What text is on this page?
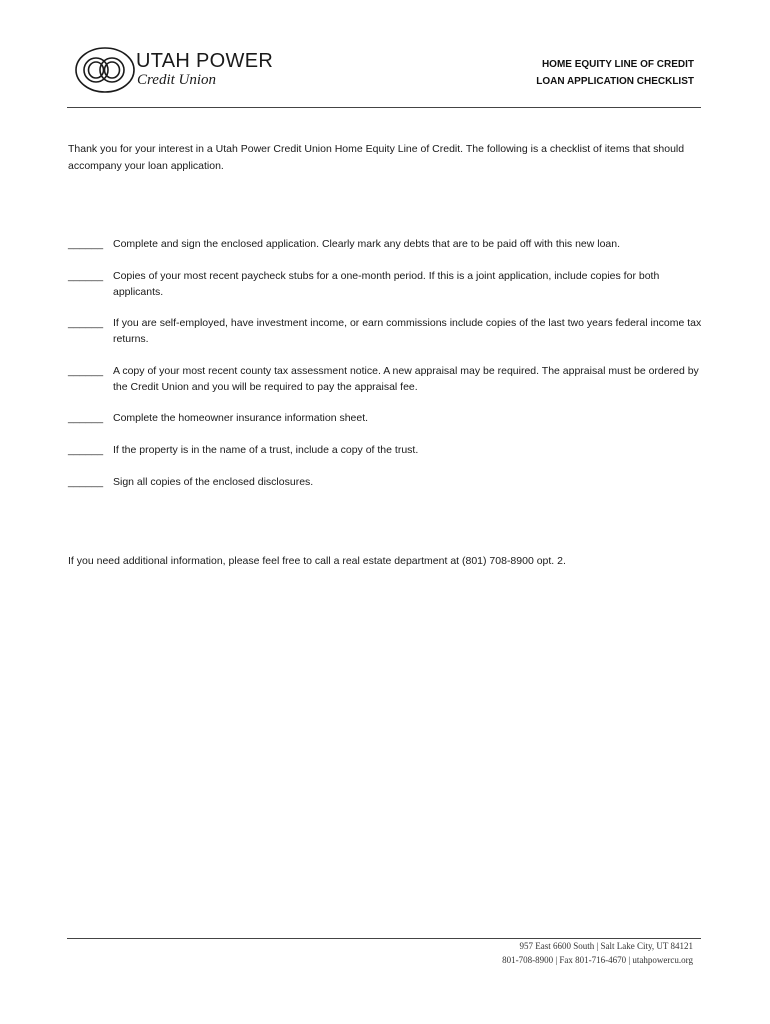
UTAH POWER
Credit Union
HOME EQUITY LINE OF CREDIT
LOAN APPLICATION CHECKLIST

Thank you for your interest in a Utah Power Credit Union Home Equity Line of Credit. The following is a checklist of items that should accompany your loan application.

______ Complete and sign the enclosed application. Clearly mark any debts that are to be paid off with this new loan.
______ Copies of your most recent paycheck stubs for a one-month period. If this is a joint application, include copies for both applicants.
______ If you are self-employed, have investment income, or earn commissions include copies of the last two years federal income tax returns.
______ A copy of your most recent county tax assessment notice. A new appraisal may be required. The appraisal must be ordered by the Credit Union and you will be required to pay the appraisal fee.
______ Complete the homeowner insurance information sheet.
______ If the property is in the name of a trust, include a copy of the trust.
______ Sign all copies of the enclosed disclosures.

If you need additional information, please feel free to call a real estate department at (801) 708-8900 opt. 2.

957 East 6600 South | Salt Lake City, UT 84121
801-708-8900 | Fax 801-716-4670 | utahpowercu.org
